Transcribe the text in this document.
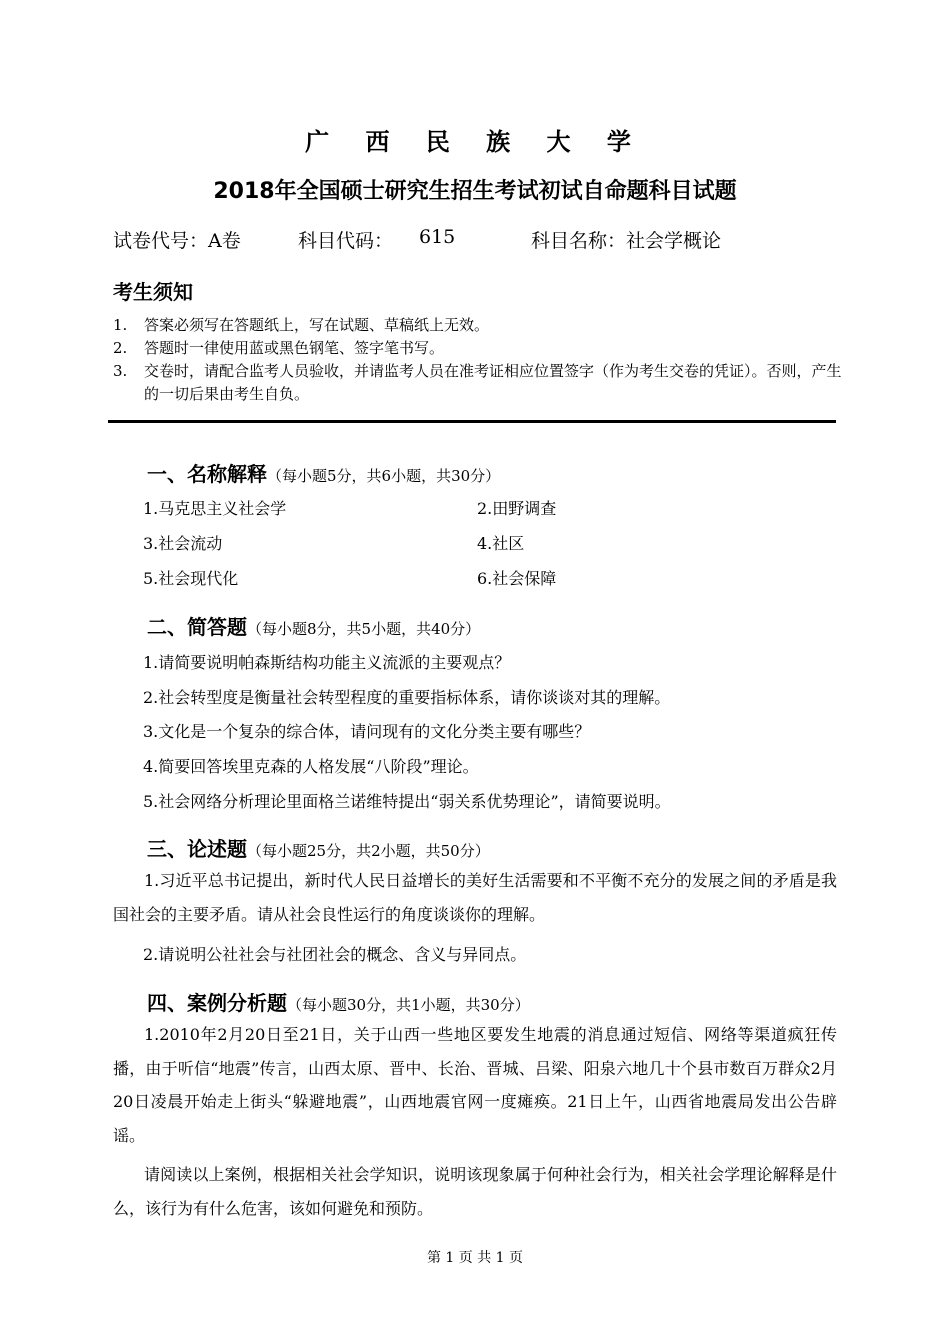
广 西 民 族 大 学
2018年全国硕士研究生招生考试初试自命题科目试题
试卷代号：A卷	科目代码： 615	科目名称：社会学概论
考生须知
1. 答案必须写在答题纸上，写在试题、草稿纸上无效。
2. 答题时一律使用蓝或黑色钢笔、签字笔书写。
3. 交卷时，请配合监考人员验收，并请监考人员在准考证相应位置签字（作为考生交卷的凭证）。否则，产生的一切后果由考生自负。
一、名称解释（每小题5分，共6小题，共30分）
1.马克思主义社会学	2.田野调查
3.社会流动	4.社区
5.社会现代化	6.社会保障
二、简答题（每小题8分，共5小题，共40分）
1.请简要说明帕森斯结构功能主义流派的主要观点？
2.社会转型度是衡量社会转型程度的重要指标体系，请你谈谈对其的理解。
3.文化是一个复杂的综合体，请问现有的文化分类主要有哪些？
4.简要回答埃里克森的人格发展“八阶段”理论。
5.社会网络分析理论里面格兰诺维特提出“弱关系优势理论”，请简要说明。
三、论述题（每小题25分，共2小题，共50分）
1.习近平总书记提出，新时代人民日益增长的美好生活需要和不平衡不充分的发展之间的矛盾是我国社会的主要矛盾。请从社会良性运行的角度谈谈你的理解。
2.请说明公社社会与社团社会的概念、含义与异同点。
四、案例分析题（每小题30分，共1小题，共30分）
1.2010年2月20日至21日，关于山西一些地区要发生地震的消息通过短信、网络等渠道疯狂传播，由于听信“地震”传言，山西太原、晋中、长治、晋城、吕梁、阳泉六地几十个县市数百万群众2月20日凌晨开始走上街头“躲避地震”，山西地震官网一度瘫痪。21日上午，山西省地震局发出公告辟谣。
请阅读以上案例，根据相关社会学知识，说明该现象属于何种社会行为，相关社会学理论解释是什么，该行为有什么危害，该如何避免和预防。
第 1 页 共 1 页
